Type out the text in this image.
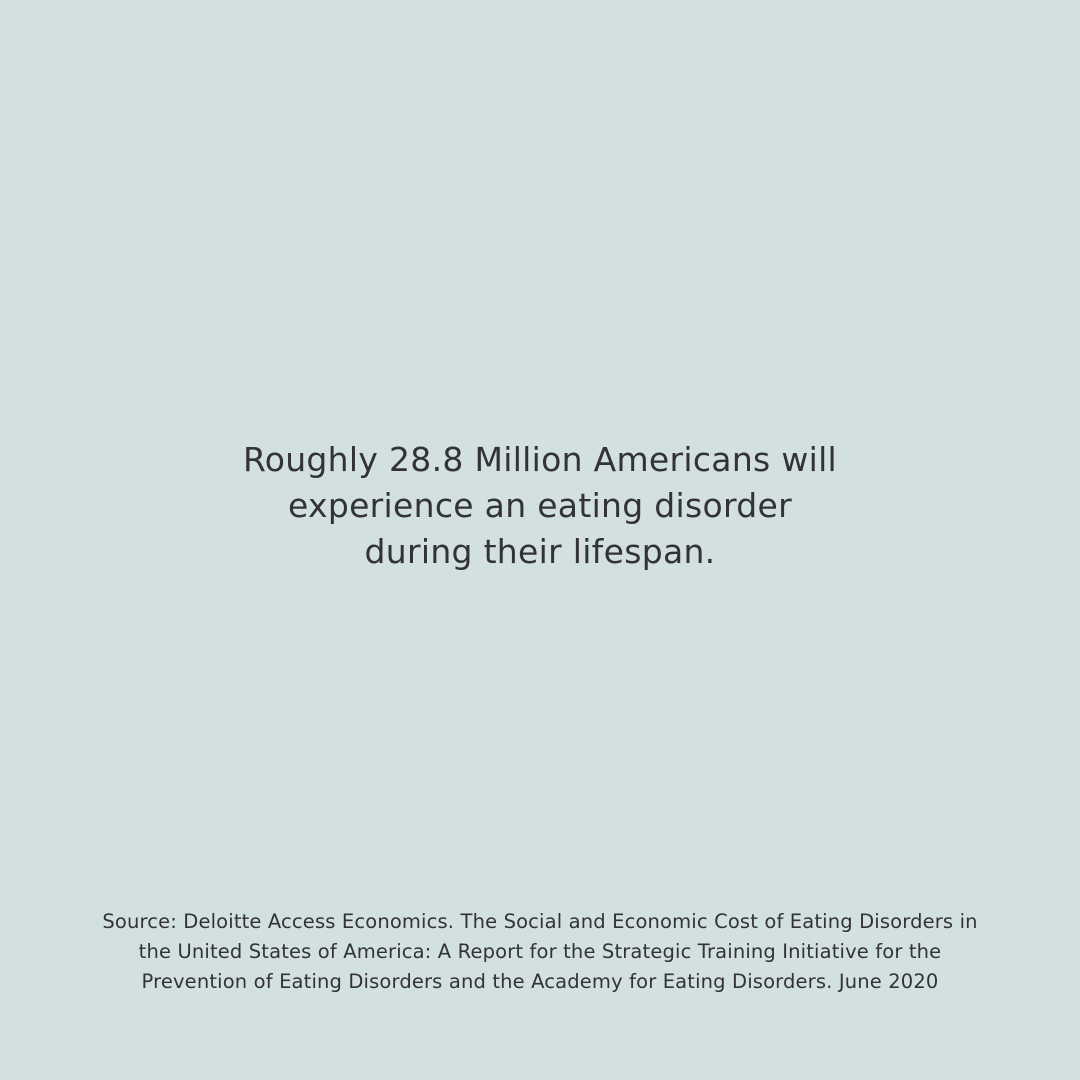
Roughly 28.8 Million Americans will
experience an eating disorder
during their lifespan.
Source: Deloitte Access Economics. The Social and Economic Cost of Eating Disorders in
the United States of America: A Report for the Strategic Training Initiative for the
Prevention of Eating Disorders and the Academy for Eating Disorders. June 2020
